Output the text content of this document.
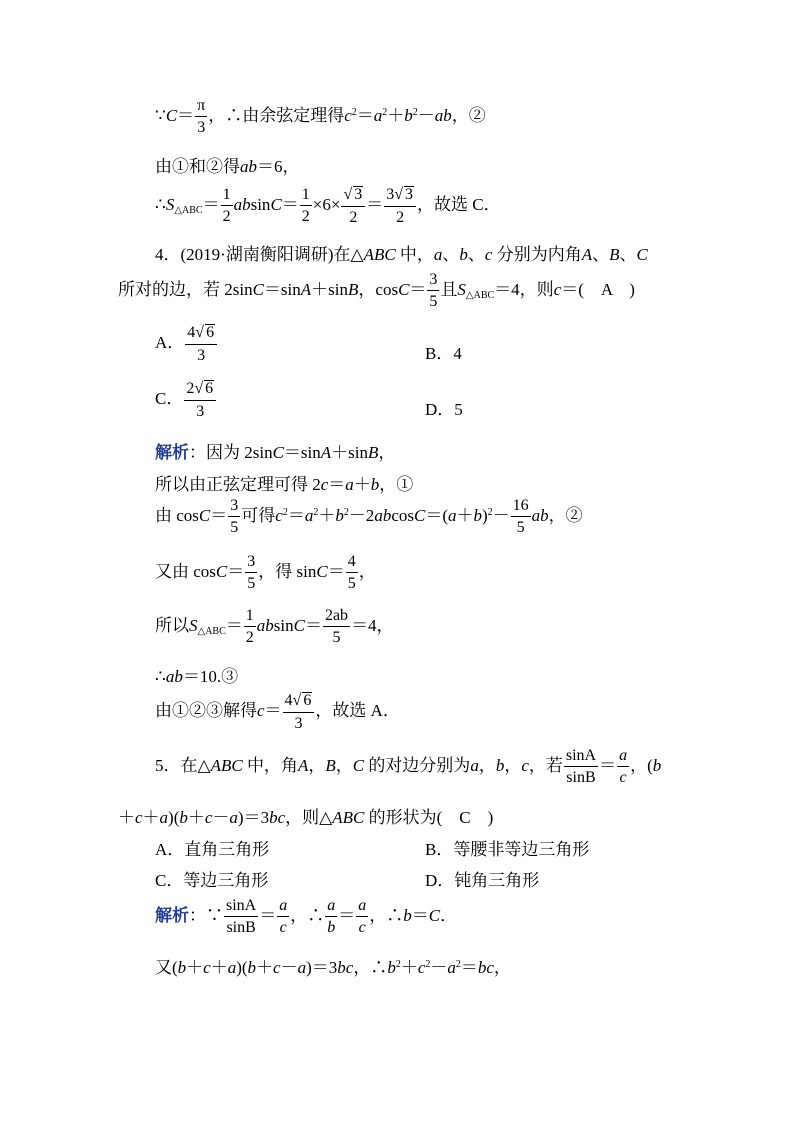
∵C＝ $\frac{\pi}{3}$ ，∴由余弦定理得$c^2=a^2+b^2-ab$，②
由①和②得ab＝6，
$\therefore S_{\triangle ABC}= \frac{1}{2} absinC= \frac{1}{2} \times 6\times \frac{√ 3}{2} = \frac{3√ 3}{2}$ ，故选 C．
4．(2019·湖南衡阳调研)在△ABC 中，a、b、c 分别为内角A、B、C
所对的边，若 2sinC＝sinA＋sinB，$\cos C= \frac{3}{5}$ 且$S_{\triangle ABC}=4$，则c＝(　A　)
A． $\frac{4√ 6}{3}$	B．4
C． $\frac{2√ 6}{3}$	D．5
解析：因为 2sinC＝sinA＋sinB，
所以由正弦定理可得 2c＝a＋b，①
由 $\cos C= \frac{3}{5}$ 可得$c^2=a^2+b^2-2abcosC=(a+b)^2- \frac{16}{5}$ ab，②
又由 $\cos C= \frac{3}{5}$ ，得 $\sin C= \frac{4}{5}$ ，
所以$S_{\triangle ABC}= \frac{1}{2} absinC= \frac{2ab}{5} =4$，
∴ab＝10.③
由①②③解得$c= \frac{4√ 6}{3}$ ，故选 A．
5．在△ABC 中，角A，B，C 的对边分别为a，b，c，若 $\frac{\sin A}{\sin B} = \frac{a}{c}$ ，(b
＋c＋a)(b＋c－a)＝3bc，则△ABC 的形状为(　C　)
A．直角三角形	B．等腰非等边三角形
C．等边三角形	D．钝角三角形
解析：∵ $\frac{\sin A}{\sin B} = \frac{a}{c}$ ，∴ $\frac{a}{b} = \frac{a}{c}$ ，∴b＝C．
又(b＋c＋a)(b＋c－a)＝3bc，$\therefore b^2+c^2-a^2=bc$，
